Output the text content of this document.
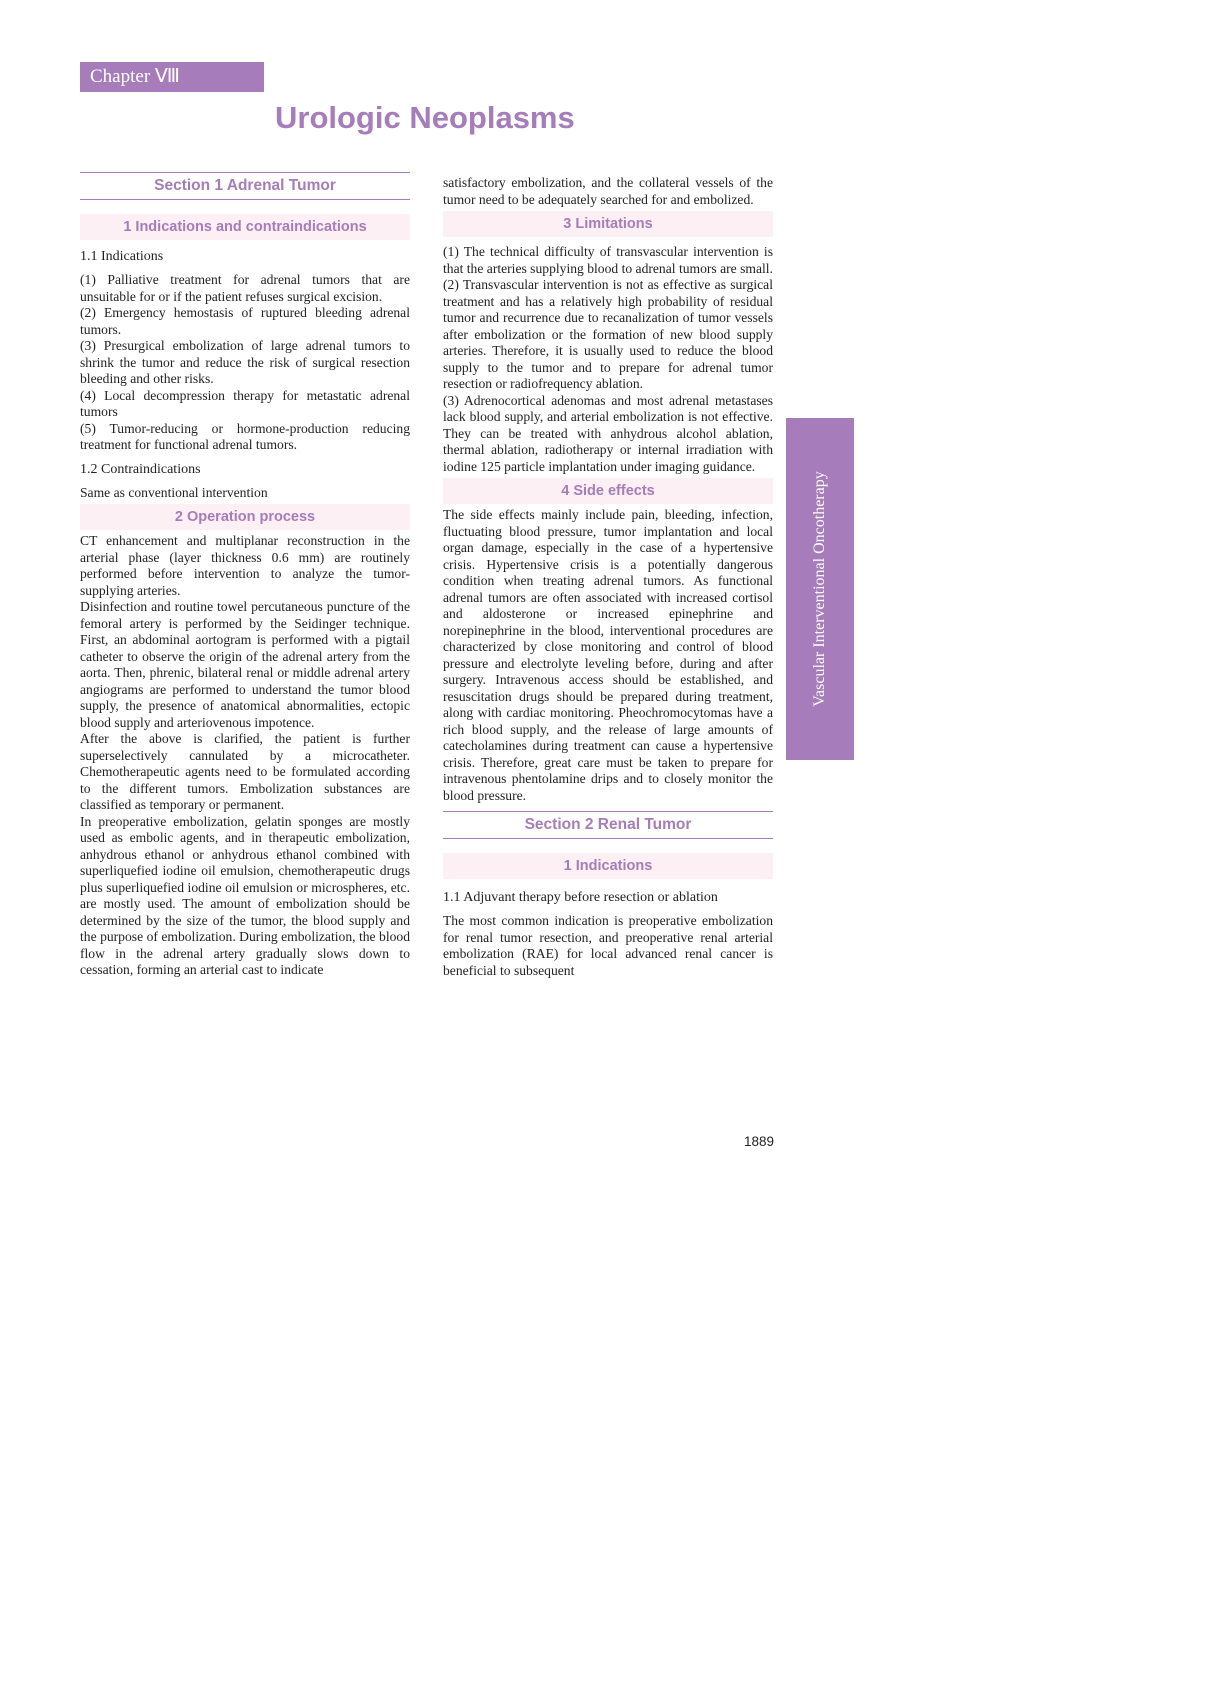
Chapter Ⅷ
Urologic Neoplasms
Section 1 Adrenal Tumor
1 Indications and contraindications

1.1 Indications

(1) Palliative treatment for adrenal tumors that are unsuitable for or if the patient refuses surgical excision.

(2) Emergency hemostasis of ruptured bleeding adrenal tumors.

(3) Presurgical embolization of large adrenal tumors to shrink the tumor and reduce the risk of surgical resection bleeding and other risks.

(4) Local decompression therapy for metastatic adrenal tumors

(5) Tumor-reducing or hormone-production reducing treatment for functional adrenal tumors.

1.2 Contraindications

Same as conventional intervention

2 Operation process

CT enhancement and multiplanar reconstruction in the arterial phase (layer thickness 0.6 mm) are routinely performed before intervention to analyze the tumor-supplying arteries.

Disinfection and routine towel percutaneous puncture of the femoral artery is performed by the Seidinger technique. First, an abdominal aortogram is performed with a pigtail catheter to observe the origin of the adrenal artery from the aorta. Then, phrenic, bilateral renal or middle adrenal artery angiograms are performed to understand the tumor blood supply, the presence of anatomical abnormalities, ectopic blood supply and arteriovenous impotence.

After the above is clarified, the patient is further superselectively cannulated by a microcatheter. Chemotherapeutic agents need to be formulated according to the different tumors. Embolization substances are classified as temporary or permanent.

In preoperative embolization, gelatin sponges are mostly used as embolic agents, and in therapeutic embolization, anhydrous ethanol or anhydrous ethanol combined with superliquefied iodine oil emulsion, chemotherapeutic drugs plus superliquefied iodine oil emulsion or microspheres, etc. are mostly used. The amount of embolization should be determined by the size of the tumor, the blood supply and the purpose of embolization. During embolization, the blood flow in the adrenal artery gradually slows down to cessation, forming an arterial cast to indicate

satisfactory embolization, and the collateral vessels of the tumor need to be adequately searched for and embolized.

3 Limitations

(1) The technical difficulty of transvascular intervention is that the arteries supplying blood to adrenal tumors are small.

(2) Transvascular intervention is not as effective as surgical treatment and has a relatively high probability of residual tumor and recurrence due to recanalization of tumor vessels after embolization or the formation of new blood supply arteries. Therefore, it is usually used to reduce the blood supply to the tumor and to prepare for adrenal tumor resection or radiofrequency ablation.

(3) Adrenocortical adenomas and most adrenal metastases lack blood supply, and arterial embolization is not effective. They can be treated with anhydrous alcohol ablation, thermal ablation, radiotherapy or internal irradiation with iodine 125 particle implantation under imaging guidance.

4 Side effects

The side effects mainly include pain, bleeding, infection, fluctuating blood pressure, tumor implantation and local organ damage, especially in the case of a hypertensive crisis. Hypertensive crisis is a potentially dangerous condition when treating adrenal tumors. As functional adrenal tumors are often associated with increased cortisol and aldosterone or increased epinephrine and norepinephrine in the blood, interventional procedures are characterized by close monitoring and control of blood pressure and electrolyte leveling before, during and after surgery. Intravenous access should be established, and resuscitation drugs should be prepared during treatment, along with cardiac monitoring. Pheochromocytomas have a rich blood supply, and the release of large amounts of catecholamines during treatment can cause a hypertensive crisis. Therefore, great care must be taken to prepare for intravenous phentolamine drips and to closely monitor the blood pressure.

Section 2 Renal Tumor
1 Indications

1.1 Adjuvant therapy before resection or ablation

The most common indication is preoperative embolization for renal tumor resection, and preoperative renal arterial embolization (RAE) for local advanced renal cancer is beneficial to subsequent

Vascular Interventional Oncotherapy
1889
